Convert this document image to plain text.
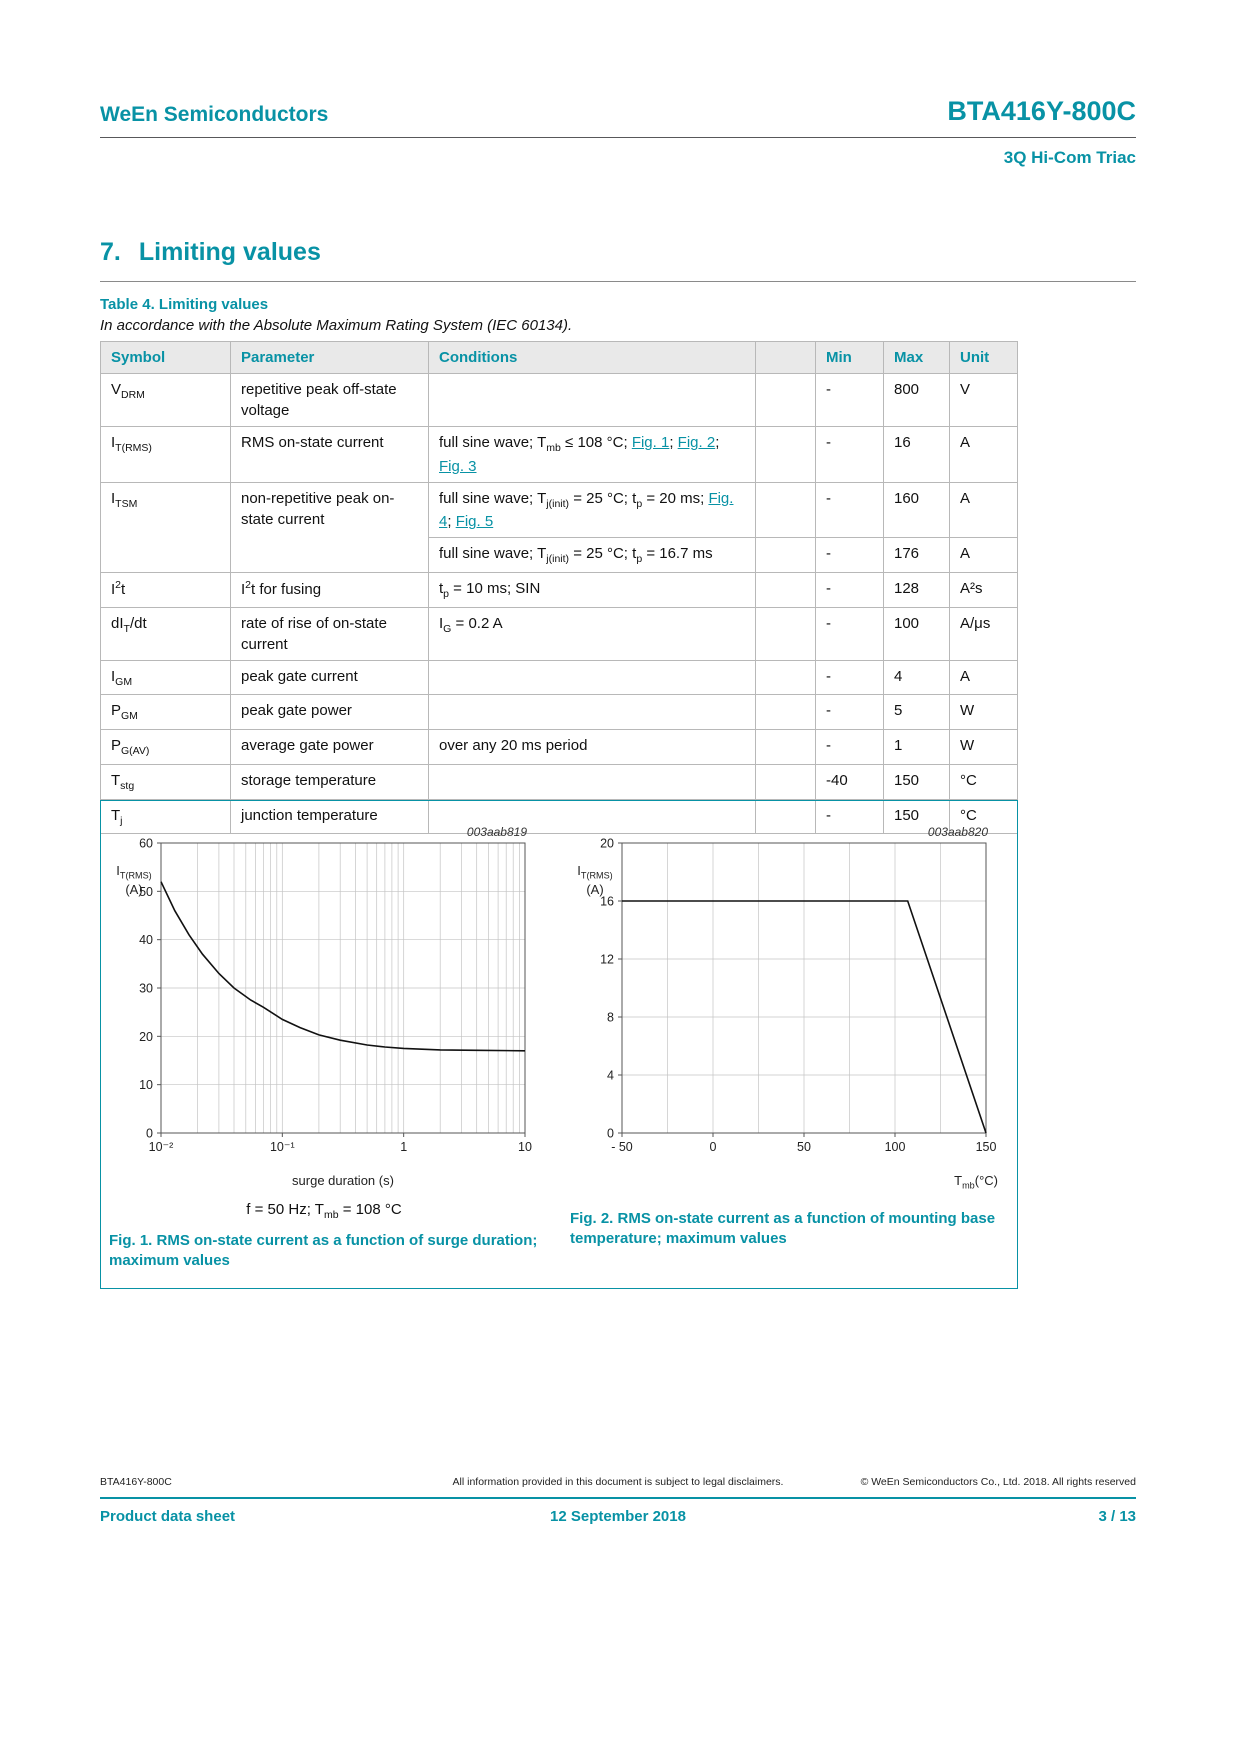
WeEn Semiconductors	BTA416Y-800C
3Q Hi-Com Triac
7. Limiting values
Table 4. Limiting values
In accordance with the Absolute Maximum Rating System (IEC 60134).
Symbol	Parameter	Conditions		Min	Max	Unit
$V_{DRM}$	repetitive peak off-state voltage			-	800	V
$I_{T(RMS)}$	RMS on-state current	full sine wave; $T_{mb} \le 108$ °C; Fig. 1; Fig. 2; Fig. 3		-	16	A
$I_{TSM}$	non-repetitive peak on-state current	full sine wave; $T_{j(init)} = 25$ °C; $t_p = 20$ ms; Fig. 4; Fig. 5		-	160	A
		full sine wave; $T_{j(init)} = 25$ °C; $t_p = 16.7$ ms		-	176	A
$I^2t$	$I^2t$ for fusing	$t_p = 10$ ms; SIN		-	128	A²s
$dI_T/dt$	rate of rise of on-state current	$I_G = 0.2$ A		-	100	A/μs
$I_{GM}$	peak gate current			-	4	A
$P_{GM}$	peak gate power			-	5	W
$P_{G(AV)}$	average gate power	over any 20 ms period		-	1	W
$T_{stg}$	storage temperature			-40	150	°C
$T_j$	junction temperature			-	150	°C
003aab819
$I_{T(RMS)}$
(A)
10⁻²	10⁻¹	1	10
0
10
20
30
40
50
60
surge duration (s)
f = 50 Hz; $T_{mb} = 108$ °C
Fig. 1. RMS on-state current as a function of surge duration; maximum values
003aab820
$I_{T(RMS)}$
(A)
- 50	0	50	100	150
0
4
8
12
16
20
$T_{mb}(^\circ C)$
Fig. 2. RMS on-state current as a function of mounting base temperature; maximum values
BTA416Y-800C	All information provided in this document is subject to legal disclaimers.	© WeEn Semiconductors Co., Ltd. 2018. All rights reserved
Product data sheet	12 September 2018	3 / 13
